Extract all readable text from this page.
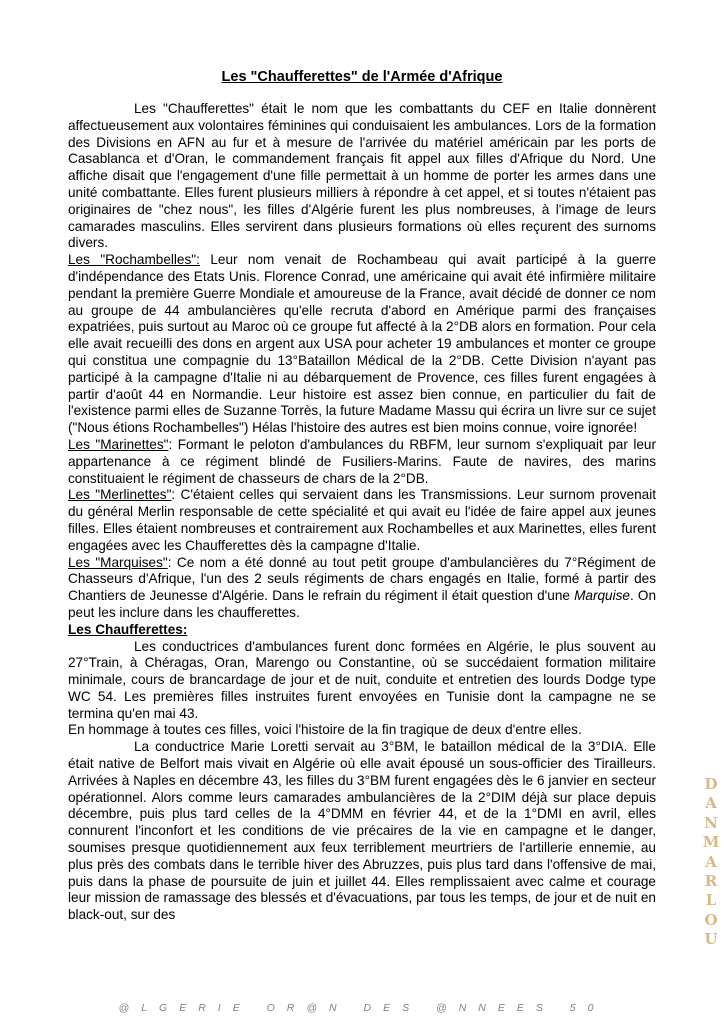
Les "Chaufferettes" de l'Armée d'Afrique

Les "Chaufferettes" était le nom que les combattants du CEF en Italie donnèrent affectueusement aux volontaires féminines qui conduisaient les ambulances. Lors de la formation des Divisions en AFN au fur et à mesure de l'arrivée du matériel américain par les ports de Casablanca et d'Oran, le commandement français fit appel aux filles d'Afrique du Nord. Une affiche disait que l'engagement d'une fille permettait à un homme de porter les armes dans une unité combattante. Elles furent plusieurs milliers à répondre à cet appel, et si toutes n'étaient pas originaires de "chez nous", les filles d'Algérie furent les plus nombreuses, à l'image de leurs camarades masculins. Elles servirent dans plusieurs formations où elles reçurent des surnoms divers.

Les "Rochambelles": Leur nom venait de Rochambeau qui avait participé à la guerre d'indépendance des Etats Unis. Florence Conrad, une américaine qui avait été infirmière militaire pendant la première Guerre Mondiale et amoureuse de la France, avait décidé de donner ce nom au groupe de 44 ambulancières qu'elle recruta d'abord en Amérique parmi des françaises expatriées, puis surtout au Maroc où ce groupe fut affecté à la 2°DB alors en formation. Pour cela elle avait recueilli des dons en argent aux USA pour acheter 19 ambulances et monter ce groupe qui constitua une compagnie du 13°Bataillon Médical de la 2°DB. Cette Division n'ayant pas participé à la campagne d'Italie ni au débarquement de Provence, ces filles furent engagées à partir d'août 44 en Normandie. Leur histoire est assez bien connue, en particulier du fait de l'existence parmi elles de Suzanne Torrès, la future Madame Massu qui écrira un livre sur ce sujet ("Nous étions Rochambelles") Hélas l'histoire des autres est bien moins connue, voire ignorée!

Les "Marinettes": Formant le peloton d'ambulances du RBFM, leur surnom s'expliquait par leur appartenance à ce régiment blindé de Fusiliers-Marins. Faute de navires, des marins constituaient le régiment de chasseurs de chars de la 2°DB.

Les "Merlinettes": C'étaient celles qui servaient dans les Transmissions. Leur surnom provenait du général Merlin responsable de cette spécialité et qui avait eu l'idée de faire appel aux jeunes filles. Elles étaient nombreuses et contrairement aux Rochambelles et aux Marinettes, elles furent engagées avec les Chaufferettes dès la campagne d'Italie.

Les "Marquises": Ce nom a été donné au tout petit groupe d'ambulancières du 7°Régiment de Chasseurs d'Afrique, l'un des 2 seuls régiments de chars engagés en Italie, formé à partir des Chantiers de Jeunesse d'Algérie. Dans le refrain du régiment il était question d'une Marquise. On peut les inclure dans les chaufferettes.

Les Chaufferettes:

Les conductrices d'ambulances furent donc formées en Algérie, le plus souvent au 27°Train, à Chéragas, Oran, Marengo ou Constantine, où se succédaient formation militaire minimale, cours de brancardage de jour et de nuit, conduite et entretien des lourds Dodge type WC 54. Les premières filles instruites furent envoyées en Tunisie dont la campagne ne se termina qu'en mai 43.

En hommage à toutes ces filles, voici l'histoire de la fin tragique de deux d'entre elles.

La conductrice Marie Loretti servait au 3°BM, le bataillon médical de la 3°DIA. Elle était native de Belfort mais vivait en Algérie où elle avait épousé un sous-officier des Tirailleurs. Arrivées à Naples en décembre 43, les filles du 3°BM furent engagées dès le 6 janvier en secteur opérationnel. Alors comme leurs camarades ambulancières de la 2°DIM déjà sur place depuis décembre, puis plus tard celles de la 4°DMM en février 44, et de la 1°DMI en avril, elles connurent l'inconfort et les conditions de vie précaires de la vie en campagne et le danger, soumises presque quotidiennement aux feux terriblement meurtriers de l'artillerie ennemie, au plus près des combats dans le terrible hiver des Abruzzes, puis plus tard dans l'offensive de mai, puis dans la phase de poursuite de juin et juillet 44. Elles remplissaient avec calme et courage leur mission de ramassage des blessés et d'évacuations, par tous les temps, de jour et de nuit en black-out, sur des

D
A
N
M
A
R
L
O
U
@LGERIE OR@N DES @NNEES 50
